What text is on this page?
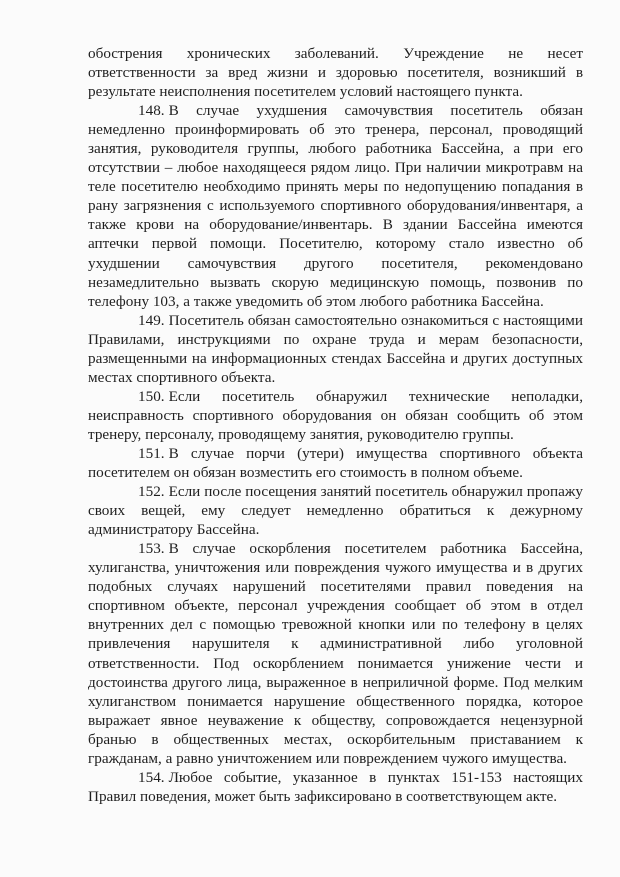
обострения хронических заболеваний. Учреждение не несет ответственности за вред жизни и здоровью посетителя, возникший в результате неисполнения посетителем условий настоящего пункта.

148. В случае ухудшения самочувствия посетитель обязан немедленно проинформировать об это тренера, персонал, проводящий занятия, руководителя группы, любого работника Бассейна, а при его отсутствии – любое находящееся рядом лицо. При наличии микротравм на теле посетителю необходимо принять меры по недопущению попадания в рану загрязнения с используемого спортивного оборудования/инвентаря, а также крови на оборудование/инвентарь. В здании Бассейна имеются аптечки первой помощи. Посетителю, которому стало известно об ухудшении самочувствия другого посетителя, рекомендовано незамедлительно вызвать скорую медицинскую помощь, позвонив по телефону 103, а также уведомить об этом любого работника Бассейна.

149. Посетитель обязан самостоятельно ознакомиться с настоящими Правилами, инструкциями по охране труда и мерам безопасности, размещенными на информационных стендах Бассейна и других доступных местах спортивного объекта.

150. Если посетитель обнаружил технические неполадки, неисправность спортивного оборудования он обязан сообщить об этом тренеру, персоналу, проводящему занятия, руководителю группы.

151. В случае порчи (утери) имущества спортивного объекта посетителем он обязан возместить его стоимость в полном объеме.

152. Если после посещения занятий посетитель обнаружил пропажу своих вещей, ему следует немедленно обратиться к дежурному администратору Бассейна.

153. В случае оскорбления посетителем работника Бассейна, хулиганства, уничтожения или повреждения чужого имущества и в других подобных случаях нарушений посетителями правил поведения на спортивном объекте, персонал учреждения сообщает об этом в отдел внутренних дел с помощью тревожной кнопки или по телефону в целях привлечения нарушителя к административной либо уголовной ответственности. Под оскорблением понимается унижение чести и достоинства другого лица, выраженное в неприличной форме. Под мелким хулиганством понимается нарушение общественного порядка, которое выражает явное неуважение к обществу, сопровождается нецензурной бранью в общественных местах, оскорбительным приставанием к гражданам, а равно уничтожением или повреждением чужого имущества.

154. Любое событие, указанное в пунктах 151-153 настоящих Правил поведения, может быть зафиксировано в соответствующем акте.
